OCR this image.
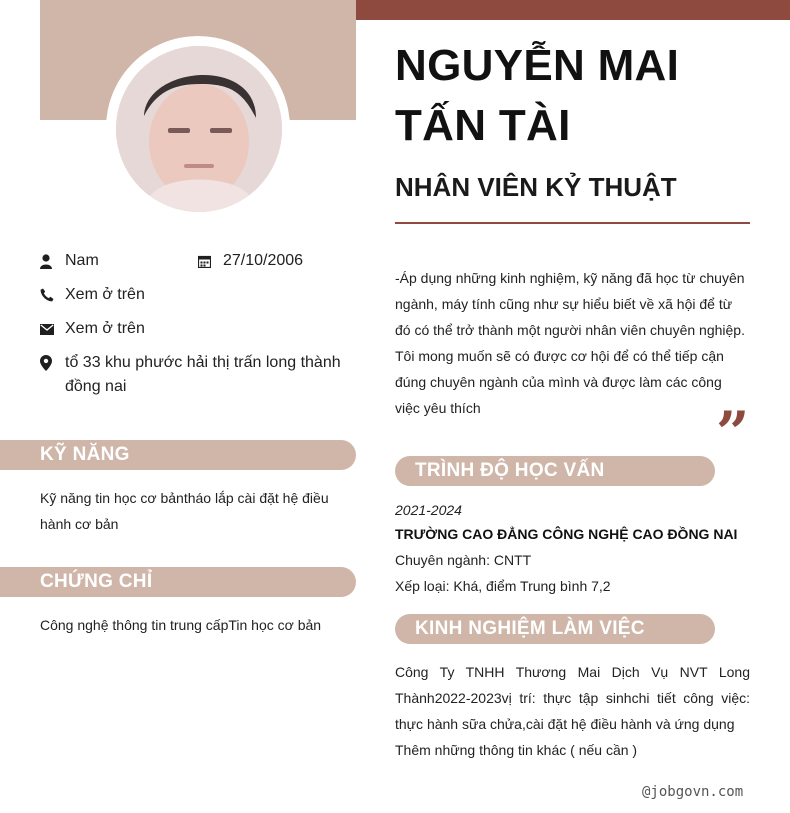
NGUYỄN MAI TẤN TÀI
NHÂN VIÊN KỶ THUẬT
Nam	27/10/2006
Xem ở trên
Xem ở trên
tổ 33 khu phước hải thị trấn long thành đồng nai
KỸ NĂNG
Kỹ năng tin học cơ bảntháo lắp cài đặt hệ điều hành cơ bản
CHỨNG CHỈ
Công nghệ thông tin trung cấpTin học cơ bản
-Áp dụng những kinh nghiệm, kỹ năng đã học từ chuyên ngành, máy tính cũng như sự hiểu biết về xã hội để từ đó có thể trở thành một người nhân viên chuyên nghiệp. Tôi mong muốn sẽ có được cơ hội để có thể tiếp cận đúng chuyên ngành của mình và được làm các công việc yêu thích	”
TRÌNH ĐỘ HỌC VẤN
2021-2024
TRƯỜNG CAO ĐẲNG CÔNG NGHỆ CAO ĐỒNG NAI
Chuyên ngành: CNTT
Xếp loại: Khá, điểm Trung bình 7,2
KINH NGHIỆM LÀM VIỆC
Công Ty TNHH Thương Mai Dịch Vụ NVT Long Thành2022-2023vị trí: thực tập sinhchi tiết công việc: thực hành sữa chửa,cài đặt hệ điều hành và ứng dụng
Thêm những thông tin khác ( nếu cần )
@jobgovn.com
